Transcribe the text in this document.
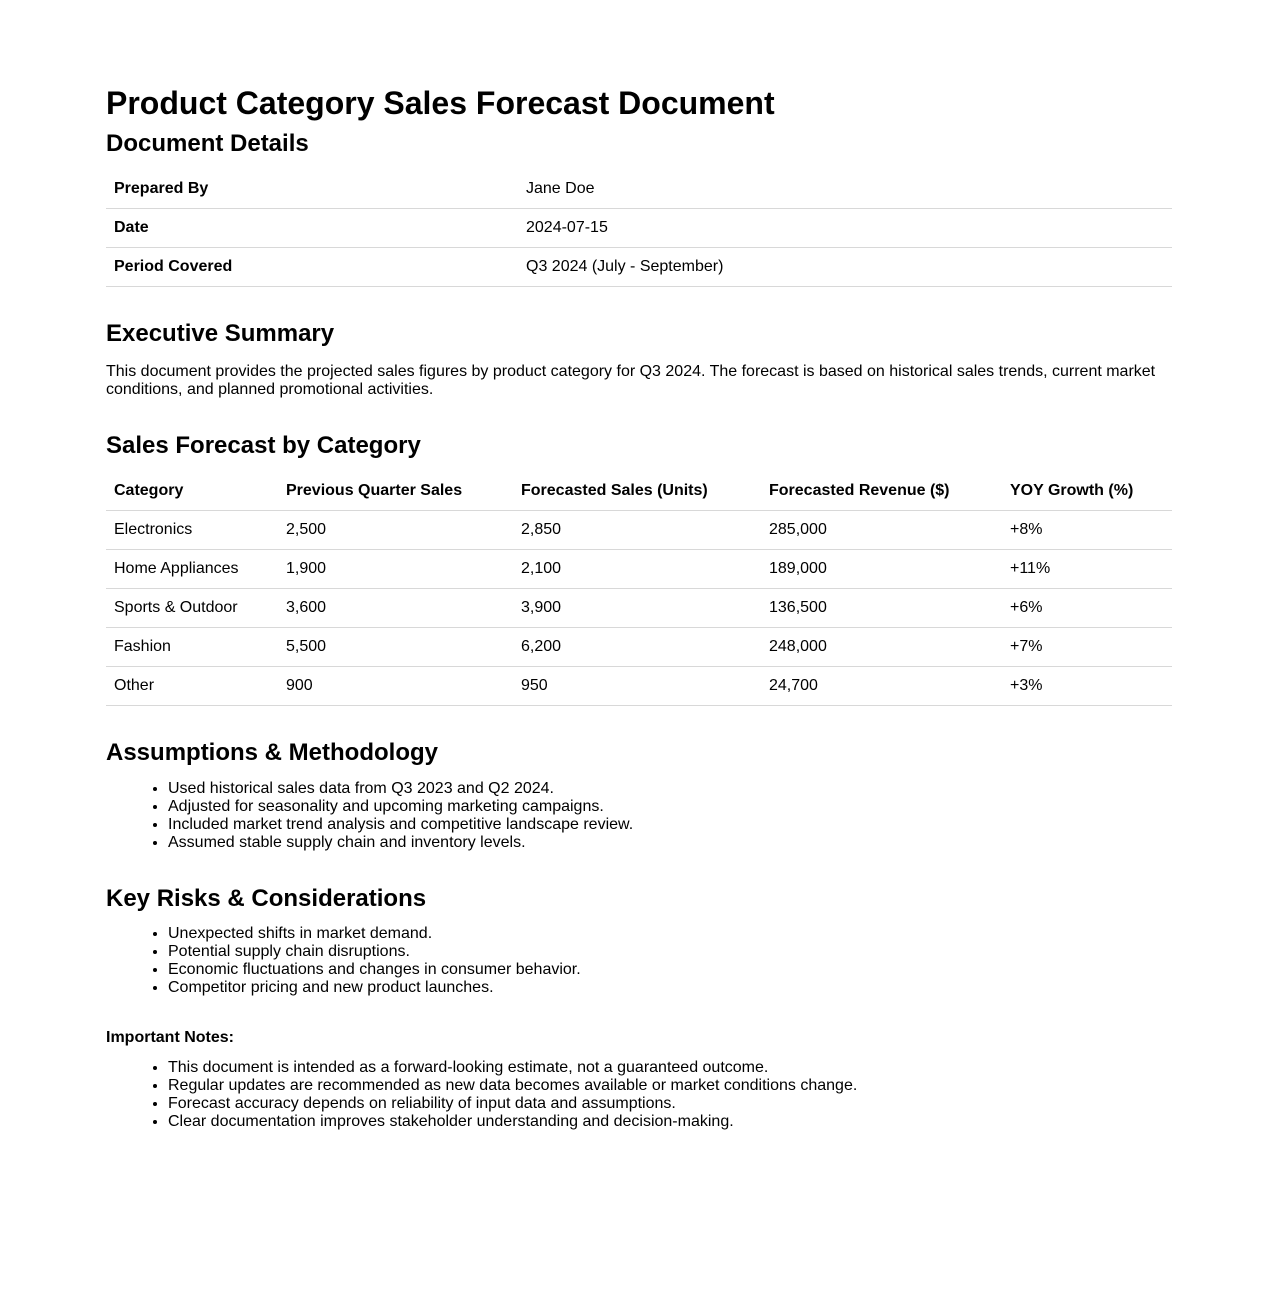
Product Category Sales Forecast Document
Document Details
Prepared By	Jane Doe
Date	2024-07-15
Period Covered	Q3 2024 (July - September)
Executive Summary

This document provides the projected sales figures by product category for Q3 2024. The forecast is based on historical sales trends, current market conditions, and planned promotional activities.

Sales Forecast by Category
Category	Previous Quarter Sales	Forecasted Sales (Units)	Forecasted Revenue ($)	YOY Growth (%)
Electronics	2,500	2,850	285,000	+8%
Home Appliances	1,900	2,100	189,000	+11%
Sports & Outdoor	3,600	3,900	136,500	+6%
Fashion	5,500	6,200	248,000	+7%
Other	900	950	24,700	+3%
Assumptions & Methodology
• Used historical sales data from Q3 2023 and Q2 2024.
• Adjusted for seasonality and upcoming marketing campaigns.
• Included market trend analysis and competitive landscape review.
• Assumed stable supply chain and inventory levels.
Key Risks & Considerations
• Unexpected shifts in market demand.
• Potential supply chain disruptions.
• Economic fluctuations and changes in consumer behavior.
• Competitor pricing and new product launches.

Important Notes:

• This document is intended as a forward-looking estimate, not a guaranteed outcome.
• Regular updates are recommended as new data becomes available or market conditions change.
• Forecast accuracy depends on reliability of input data and assumptions.
• Clear documentation improves stakeholder understanding and decision-making.
